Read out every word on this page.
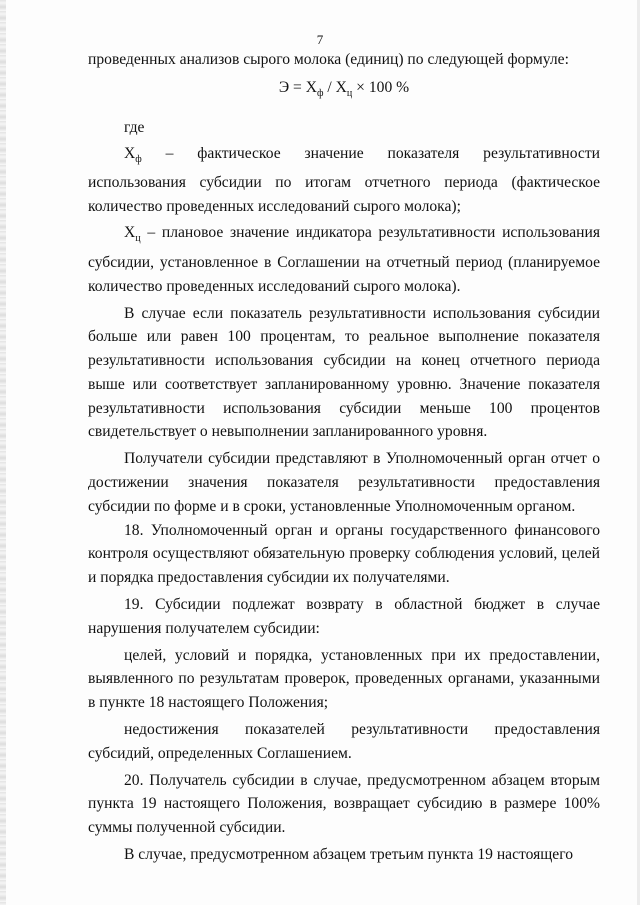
7

проведенных анализов сырого молока (единиц) по следующей формуле:

$Э = Х_ф / Х_ц \times 100$ %

где

$Х_ф$ – фактическое значение показателя результативности использования субсидии по итогам отчетного периода (фактическое количество проведенных исследований сырого молока);

$Х_ц$ – плановое значение индикатора результативности использования субсидии, установленное в Соглашении на отчетный период (планируемое количество проведенных исследований сырого молока).

В случае если показатель результативности использования субсидии больше или равен 100 процентам, то реальное выполнение показателя результативности использования субсидии на конец отчетного периода выше или соответствует запланированному уровню. Значение показателя результативности использования субсидии меньше 100 процентов свидетельствует о невыполнении запланированного уровня.

Получатели субсидии представляют в Уполномоченный орган отчет о достижении значения показателя результативности предоставления субсидии по форме и в сроки, установленные Уполномоченным органом.

18. Уполномоченный орган и органы государственного финансового контроля осуществляют обязательную проверку соблюдения условий, целей и порядка предоставления субсидии их получателями.

19. Субсидии подлежат возврату в областной бюджет в случае нарушения получателем субсидии:

целей, условий и порядка, установленных при их предоставлении, выявленного по результатам проверок, проведенных органами, указанными в пункте 18 настоящего Положения;

недостижения показателей результативности предоставления субсидий, определенных Соглашением.

20. Получатель субсидии в случае, предусмотренном абзацем вторым пункта 19 настоящего Положения, возвращает субсидию в размере 100% суммы полученной субсидии.

В случае, предусмотренном абзацем третьим пункта 19 настоящего
